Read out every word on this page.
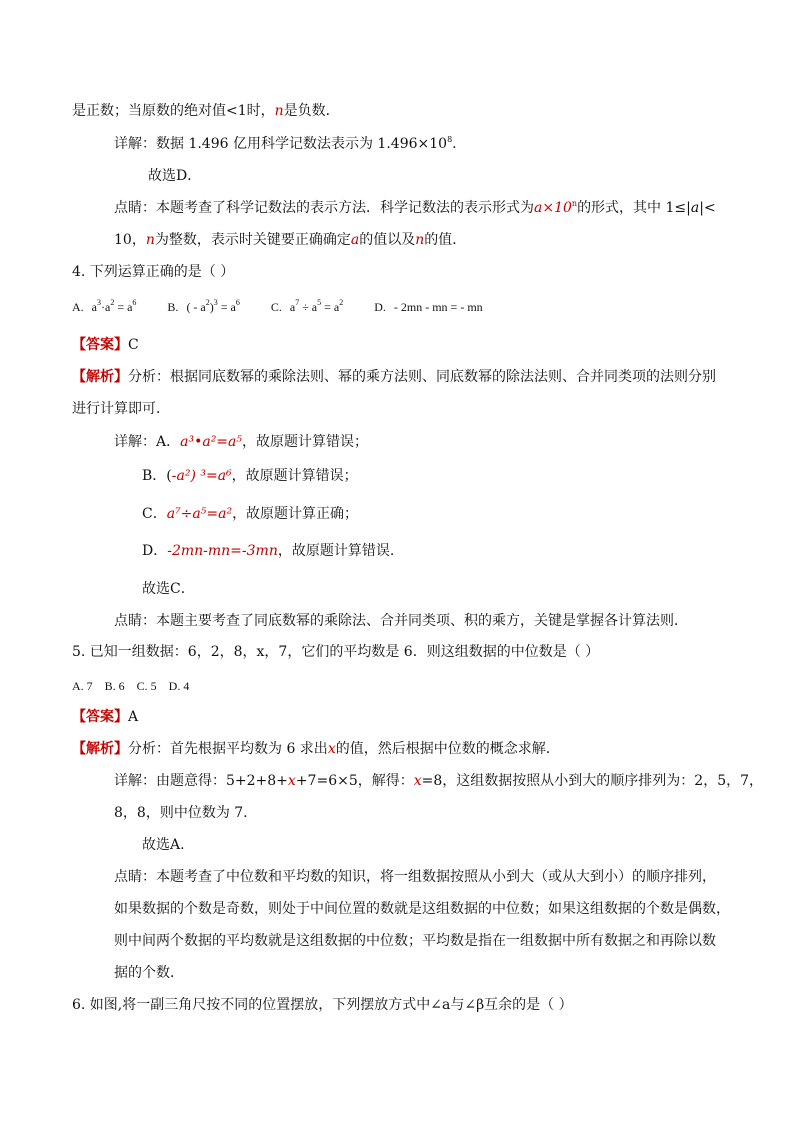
是正数；当原数的绝对值<1时，n是负数．
详解：数据 1.496 亿用科学记数法表示为 $1.496\times 10^8$.
故选D．
点睛：本题考查了科学记数法的表示方法．科学记数法的表示形式为$a\times 10^n$的形式，其中 1≤|a|<
10，n为整数，表示时关键要正确确定a的值以及n的值．
4. 下列运算正确的是（ ）
A. $a^3\cdot a^2 = a^6$	B. ( - $a^2)^3 = a^6$	C. $a^7 \div a^5 = a^2$	D. - 2mn - mn = - mn
【答案】C
【解析】分析：根据同底数幂的乘除法则、幂的乘方法则、同底数幂的除法法则、合并同类项的法则分别
进行计算即可．
详解：A．a³•a²=a⁵，故原题计算错误；
B．(-a²) ³=a⁶，故原题计算错误；
C．a⁷÷a⁵=a²，故原题计算正确；
D．-2mn-mn=-3mn，故原题计算错误.
故选C．
点睛：本题主要考查了同底数幂的乘除法、合并同类项、积的乘方，关键是掌握各计算法则．
5. 已知一组数据：6，2，8，x，7，它们的平均数是 6．则这组数据的中位数是（ ）
A. 7    B. 6    C. 5    D. 4
【答案】A
【解析】分析：首先根据平均数为 6 求出x的值，然后根据中位数的概念求解．
详解：由题意得：5+2+8+x+7=6×5，解得：x=8，这组数据按照从小到大的顺序排列为：2，5，7，
8，8，则中位数为 7.
故选A.
点睛：本题考查了中位数和平均数的知识，将一组数据按照从小到大（或从大到小）的顺序排列，
如果数据的个数是奇数，则处于中间位置的数就是这组数据的中位数；如果这组数据的个数是偶数，
则中间两个数据的平均数就是这组数据的中位数；平均数是指在一组数据中所有数据之和再除以数
据的个数．
6. 如图,将一副三角尺按不同的位置摆放，下列摆放方式中∠a与∠β互余的是（ ）
